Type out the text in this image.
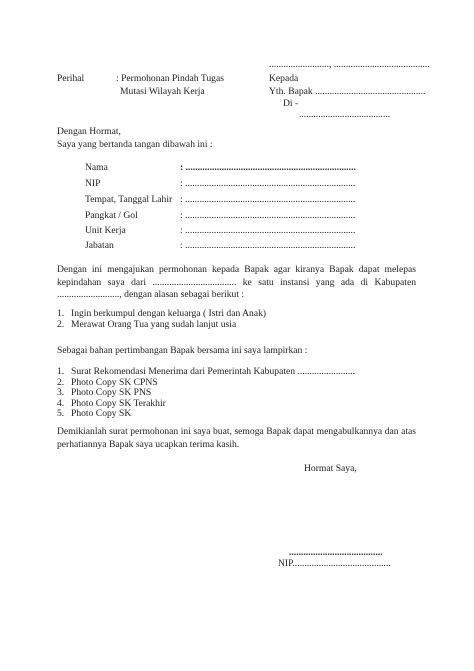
........................., ........................................
Perihal	: Permohonan Pindah Tugas
Mutasi Wilayah Kerja
Kepada
Yth. Bapak ..............................................
Di -
......................................
Dengan Hormat,
Saya yang bertanda tangan dibawah ini :
Nama	: .......................................................................
NIP	: .......................................................................
Tempat, Tanggal Lahir : .......................................................................
Pangkat / Gol	: .......................................................................
Unit Kerja	: .......................................................................
Jabatan	: .......................................................................
Dengan ini mengajukan permohonan kepada Bapak agar kiranya Bapak dapat melepas kepindahan saya dari ................................... ke satu instansi yang ada di Kabupaten .........................., dengan alasan sebagai berikut :
1. Ingin berkumpul dengan keluarga ( Istri dan Anak)
2. Merawat Orang Tua yang sudah lanjut usia
Sebagai bahan pertimbangan Bapak bersama ini saya lampirkan :
1. Surat Rekomendasi Menerima dari Pemerintah Kabupaten ........................
2. Photo Copy SK CPNS
3. Photo Copy SK PNS
4. Photo Copy SK Terakhir
5. Photo Copy SK
Demikianlah surat permohonan ini saya buat, semoga Bapak dapat mengabulkannya dan atas perhatiannya Bapak saya ucapkan terima kasih.
Hormat Saya,
.......................................
NIP.........................................
